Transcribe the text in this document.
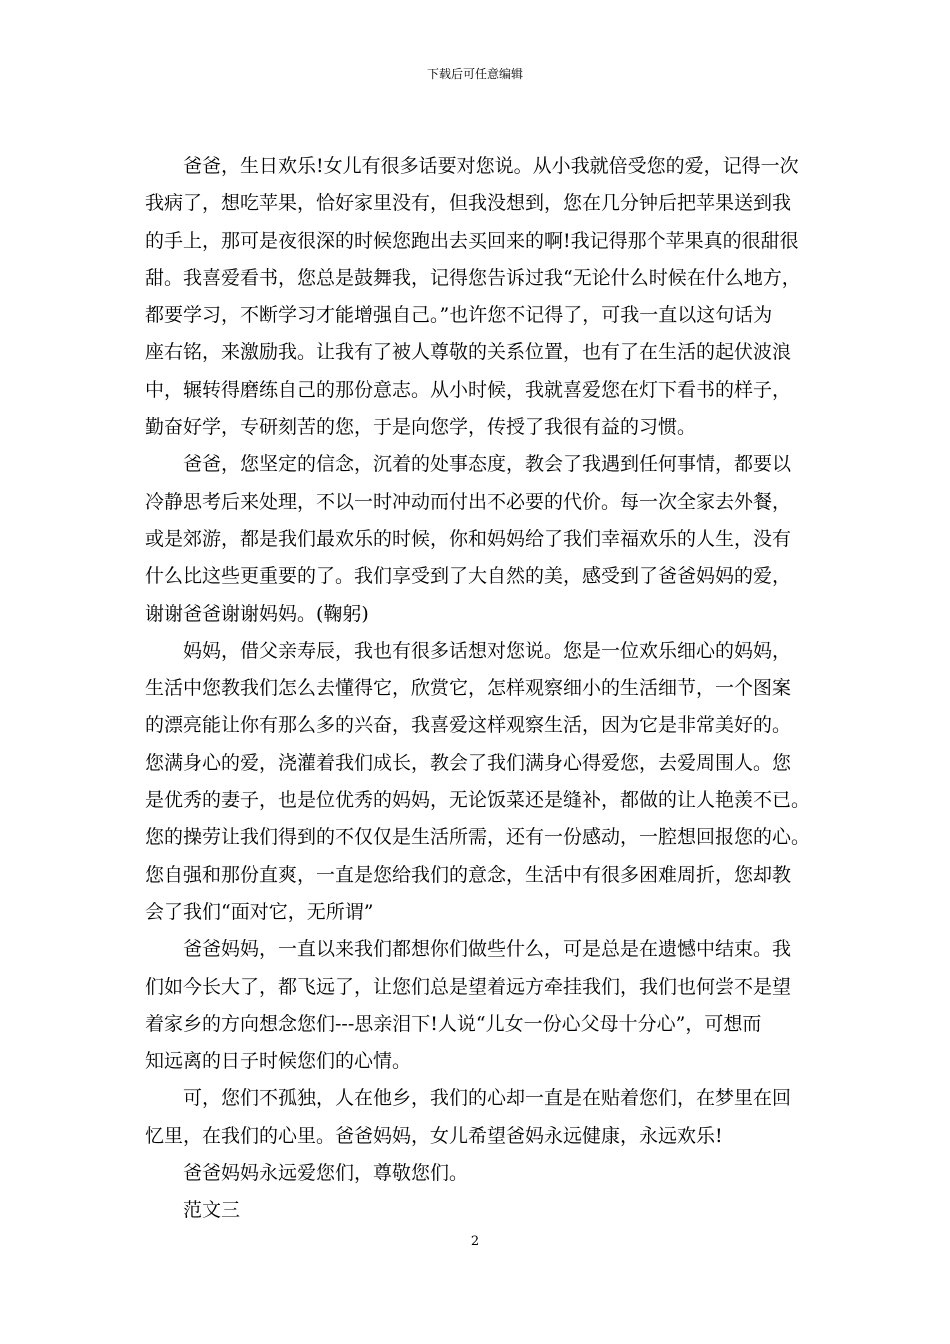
下载后可任意编辑
爸爸，生日欢乐!女儿有很多话要对您说。从小我就倍受您的爱，记得一次
我病了，想吃苹果，恰好家里没有，但我没想到，您在几分钟后把苹果送到我
的手上，那可是夜很深的时候您跑出去买回来的啊!我记得那个苹果真的很甜很
甜。我喜爱看书，您总是鼓舞我，记得您告诉过我“无论什么时候在什么地方，
都要学习，不断学习才能增强自己。”也许您不记得了，可我一直以这句话为
座右铭，来激励我。让我有了被人尊敬的关系位置，也有了在生活的起伏波浪
中，辗转得磨练自己的那份意志。从小时候，我就喜爱您在灯下看书的样子，
勤奋好学，专研刻苦的您，于是向您学，传授了我很有益的习惯。
爸爸，您坚定的信念，沉着的处事态度，教会了我遇到任何事情，都要以
冷静思考后来处理，不以一时冲动而付出不必要的代价。每一次全家去外餐，
或是郊游，都是我们最欢乐的时候，你和妈妈给了我们幸福欢乐的人生，没有
什么比这些更重要的了。我们享受到了大自然的美，感受到了爸爸妈妈的爱，
谢谢爸爸谢谢妈妈。(鞠躬)
妈妈，借父亲寿辰，我也有很多话想对您说。您是一位欢乐细心的妈妈，
生活中您教我们怎么去懂得它，欣赏它，怎样观察细小的生活细节，一个图案
的漂亮能让你有那么多的兴奋，我喜爱这样观察生活，因为它是非常美好的。
您满身心的爱，浇灌着我们成长，教会了我们满身心得爱您，去爱周围人。您
是优秀的妻子，也是位优秀的妈妈，无论饭菜还是缝补，都做的让人艳羡不已。
您的操劳让我们得到的不仅仅是生活所需，还有一份感动，一腔想回报您的心。
您自强和那份直爽，一直是您给我们的意念，生活中有很多困难周折，您却教
会了我们“面对它，无所谓”
爸爸妈妈，一直以来我们都想你们做些什么，可是总是在遗憾中结束。我
们如今长大了，都飞远了，让您们总是望着远方牵挂我们，我们也何尝不是望
着家乡的方向想念您们---思亲泪下!人说“儿女一份心父母十分心”，可想而
知远离的日子时候您们的心情。
可，您们不孤独，人在他乡，我们的心却一直是在贴着您们，在梦里在回
忆里，在我们的心里。爸爸妈妈，女儿希望爸妈永远健康，永远欢乐!
爸爸妈妈永远爱您们，尊敬您们。
范文三
2
